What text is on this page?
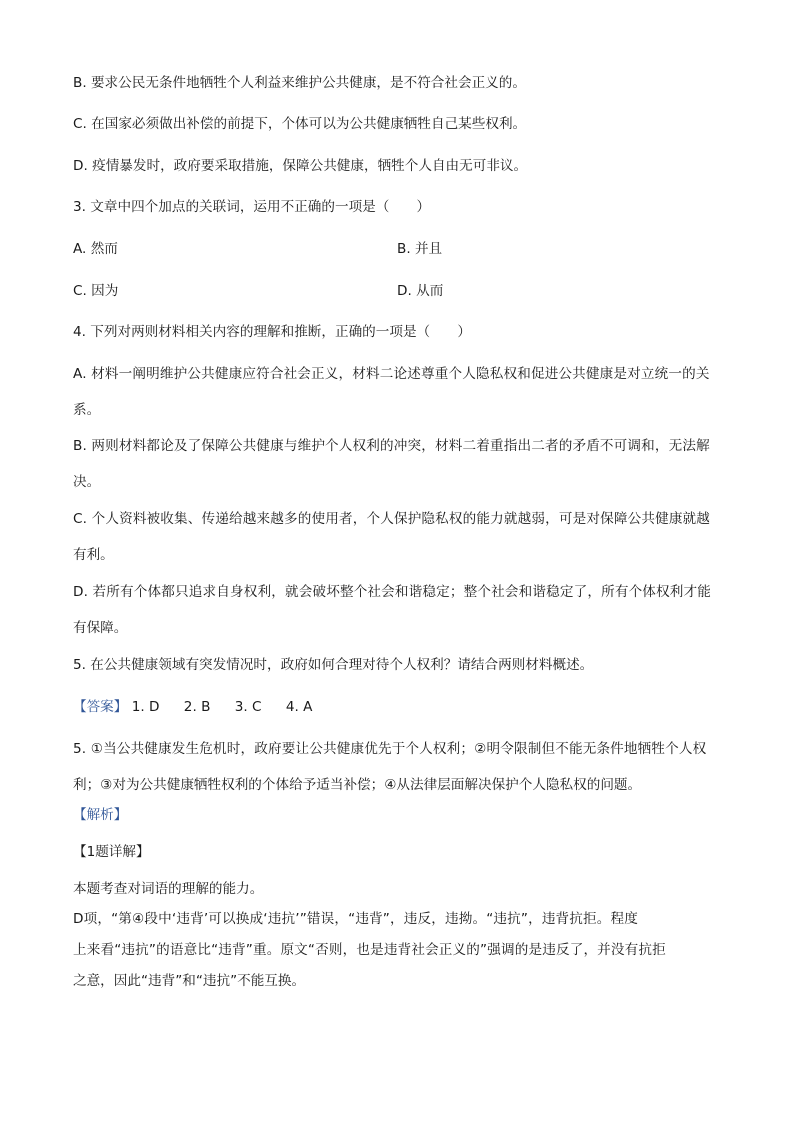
B. 要求公民无条件地牺牲个人利益来维护公共健康，是不符合社会正义的。
C. 在国家必须做出补偿的前提下，个体可以为公共健康牺牲自己某些权利。
D. 疫情暴发时，政府要采取措施，保障公共健康，牺牲个人自由无可非议。
3. 文章中四个加点的关联词，运用不正确的一项是（　　）
A. 然而	B. 并且
C. 因为	D. 从而
4. 下列对两则材料相关内容的理解和推断，正确的一项是（　　）
A. 材料一阐明维护公共健康应符合社会正义，材料二论述尊重个人隐私权和促进公共健康是对立统一的关
系。
B. 两则材料都论及了保障公共健康与维护个人权利的冲突，材料二着重指出二者的矛盾不可调和，无法解
决。
C. 个人资料被收集、传递给越来越多的使用者，个人保护隐私权的能力就越弱，可是对保障公共健康就越
有利。
D. 若所有个体都只追求自身权利，就会破坏整个社会和谐稳定；整个社会和谐稳定了，所有个体权利才能
有保障。
5. 在公共健康领域有突发情况时，政府如何合理对待个人权利？请结合两则材料概述。
【答案】 1. D 2. B 3. C 4. A
5. ①当公共健康发生危机时，政府要让公共健康优先于个人权利；②明令限制但不能无条件地牺牲个人权
利；③对为公共健康牺牲权利的个体给予适当补偿；④从法律层面解决保护个人隐私权的问题。
【解析】
【1题详解】
本题考查对词语的理解的能力。
D项，“第④段中‘违背’可以换成‘违抗’”错误，“违背”，违反，违拗。“违抗”，违背抗拒。程度
上来看“违抗”的语意比“违背”重。原文“否则，也是违背社会正义的”强调的是违反了，并没有抗拒
之意，因此“违背”和“违抗”不能互换。
